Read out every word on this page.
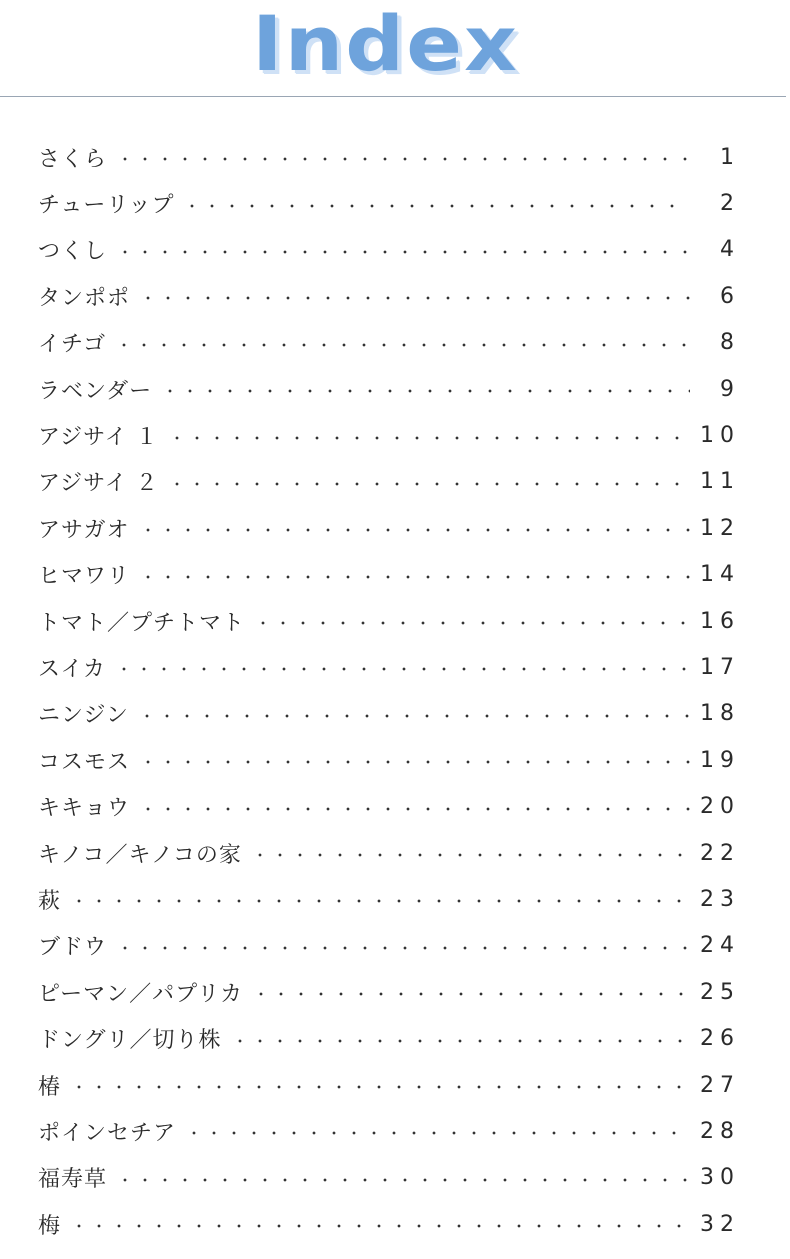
Index
さくら	1
チューリップ	2
つくし	4
タンポポ	6
イチゴ	8
ラベンダー	9
アジサイ １	10
アジサイ ２	11
アサガオ	12
ヒマワリ	14
トマト／プチトマト	16
スイカ	17
ニンジン	18
コスモス	19
キキョウ	20
キノコ／キノコの家	22
萩	23
ブドウ	24
ピーマン／パプリカ	25
ドングリ／切り株	26
椿	27
ポインセチア	28
福寿草	30
梅	32
